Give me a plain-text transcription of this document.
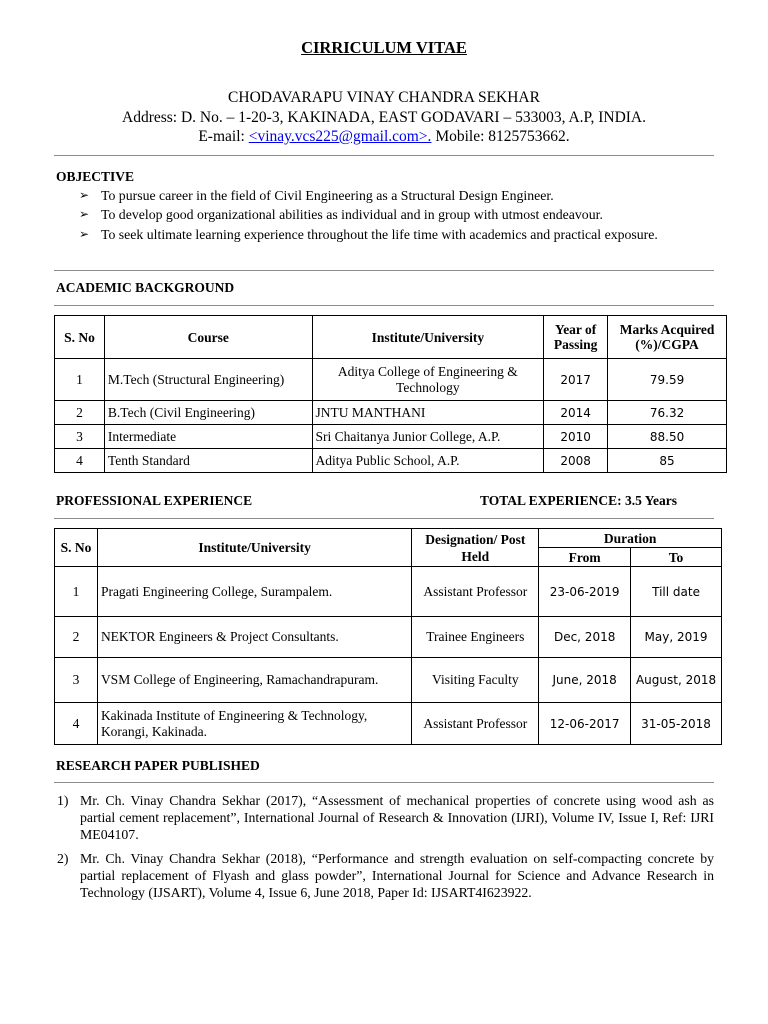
CIRRICULUM VITAE
CHODAVARAPU VINAY CHANDRA SEKHAR
Address: D. No. – 1-20-3, KAKINADA, EAST GODAVARI – 533003, A.P, INDIA.
E-mail: <vinay.vcs225@gmail.com>. Mobile: 8125753662.
OBJECTIVE
➢ To pursue career in the field of Civil Engineering as a Structural Design Engineer.
➢ To develop good organizational abilities as individual and in group with utmost endeavour.
➢ To seek ultimate learning experience throughout the life time with academics and practical exposure.
ACADEMIC BACKGROUND
S. No	Course	Institute/University	Year of Passing	Marks Acquired (%)/CGPA
1	M.Tech (Structural Engineering)	Aditya College of Engineering & Technology	2017	79.59
2	B.Tech (Civil Engineering)	JNTU MANTHANI	2014	76.32
3	Intermediate	Sri Chaitanya Junior College, A.P.	2010	88.50
4	Tenth Standard	Aditya Public School, A.P.	2008	85
PROFESSIONAL EXPERIENCE	TOTAL EXPERIENCE: 3.5 Years
S. No	Institute/University	Designation/ Post Held	Duration	
			From	To
1	Pragati Engineering College, Surampalem.	Assistant Professor	23-06-2019	Till date
2	NEKTOR Engineers & Project Consultants.	Trainee Engineers	Dec, 2018	May, 2019
3	VSM College of Engineering, Ramachandrapuram.	Visiting Faculty	June, 2018	August, 2018
4	Kakinada Institute of Engineering & Technology, Korangi, Kakinada.	Assistant Professor	12-06-2017	31-05-2018
RESEARCH PAPER PUBLISHED
1) Mr. Ch. Vinay Chandra Sekhar (2017), “Assessment of mechanical properties of concrete using wood ash as partial cement replacement”, International Journal of Research & Innovation (IJRI), Volume IV, Issue I, Ref: IJRI ME04107.
2) Mr. Ch. Vinay Chandra Sekhar (2018), “Performance and strength evaluation on self-compacting concrete by partial replacement of Flyash and glass powder”, International Journal for Science and Advance Research in Technology (IJSART), Volume 4, Issue 6, June 2018, Paper Id: IJSART4I623922.
